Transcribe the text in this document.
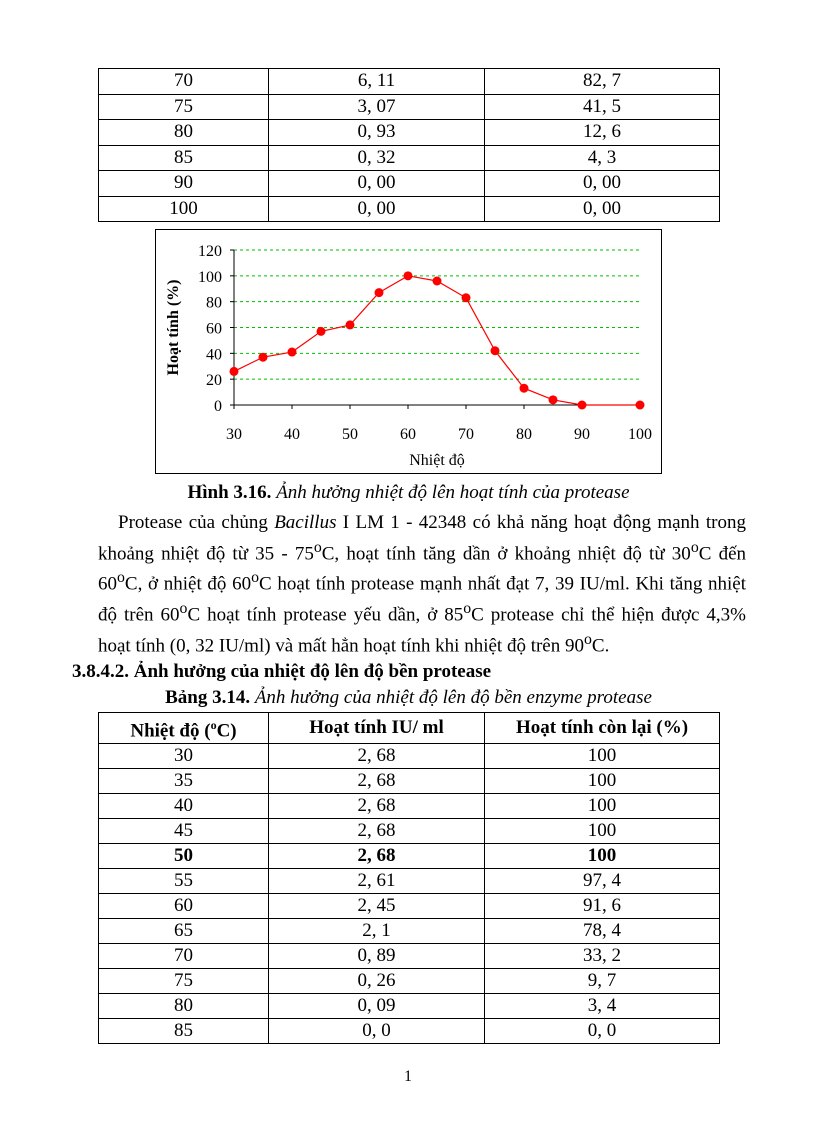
70	6, 11	82, 7
75	3, 07	41, 5
80	0, 93	12, 6
85	0, 32	4, 3
90	0, 00	0, 00
100	0, 00	0, 00
0
20
40
60
80
100
120
30	40	50	60	70	80	90 100
Nhiệt độ
Hoạt tính (%)
Hình 3.16. Ảnh hưởng nhiệt độ lên hoạt tính của protease

Protease của chủng Bacillus I LM 1 - 42348 có khả năng hoạt động mạnh trong khoảng nhiệt độ từ 35 - 75$^o$C, hoạt tính tăng dần ở khoảng nhiệt độ từ 30$^o$C đến 60$^o$C, ở nhiệt độ 60$^o$C hoạt tính protease mạnh nhất đạt 7, 39 IU/ml. Khi tăng nhiệt độ trên 60$^o$C hoạt tính protease yếu dần, ở 85$^o$C protease chỉ thể hiện được 4,3% hoạt tính (0, 32 IU/ml) và mất hẳn hoạt tính khi nhiệt độ trên 90$^o$C.

3.8.4.2. Ảnh hưởng của nhiệt độ lên độ bền protease
Bảng 3.14. Ảnh hưởng của nhiệt độ lên độ bền enzyme protease
Nhiệt độ ($^o$C)	Hoạt tính IU/ ml	Hoạt tính còn lại (%)
30	2, 68	100
35	2, 68	100
40	2, 68	100
45	2, 68	100
50	2, 68	100
55	2, 61	97, 4
60	2, 45	91, 6
65	2, 1	78, 4
70	0, 89	33, 2
75	0, 26	9, 7
80	0, 09	3, 4
85	0, 0	0, 0
1
